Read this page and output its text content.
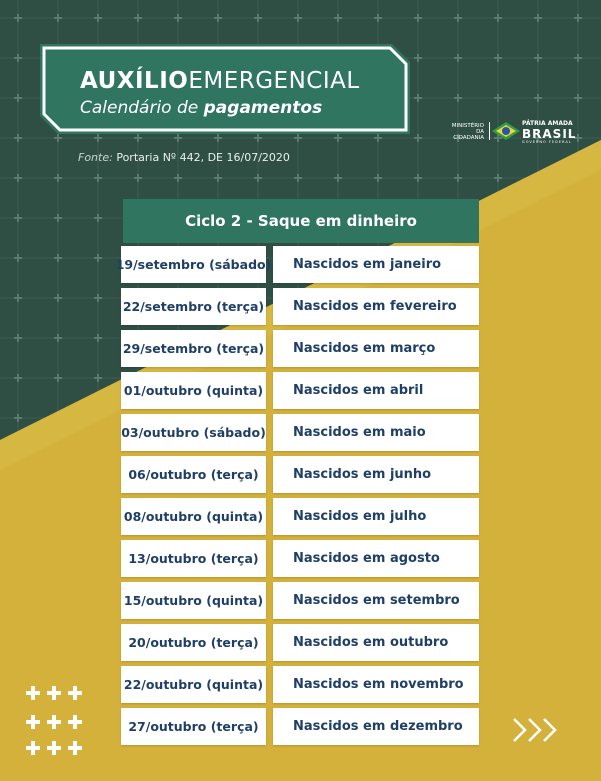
AUXÍLIOEMERGENCIAL
Calendário de pagamentos
Fonte: Portaria Nº 442, DE 16/07/2020
MINISTÉRIO DA
CIDADANIA
PÁTRIA AMADA
BRASIL
GOVERNO FEDERAL
Ciclo 2 - Saque em dinheiro
19/setembro (sábado)	Nascidos em janeiro
22/setembro (terça)	Nascidos em fevereiro
29/setembro (terça)	Nascidos em março
01/outubro (quinta)	Nascidos em abril
03/outubro (sábado)	Nascidos em maio
06/outubro (terça)	Nascidos em junho
08/outubro (quinta)	Nascidos em julho
13/outubro (terça)	Nascidos em agosto
15/outubro (quinta)	Nascidos em setembro
20/outubro (terça)	Nascidos em outubro
22/outubro (quinta)	Nascidos em novembro
27/outubro (terça)	Nascidos em dezembro
